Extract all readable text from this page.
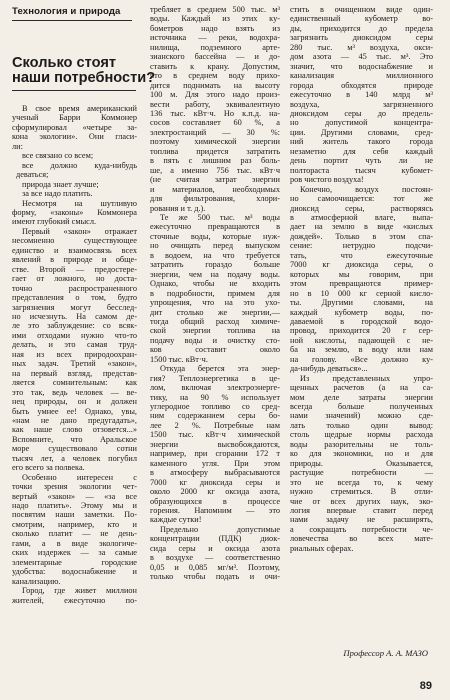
Технология и природа
Сколько стоят
наши потребности?
В свое время американский
ученый Барри Коммонер
сформулировал «четыре за-
кона экологии». Они гласи-
ли:
все связано со всем;
все должно куда-нибудь
деваться;
природа знает лучше;
за все надо платить.
Несмотря на шутливую
форму, «законы» Коммонера
имеют глубокий смысл.
Первый «закон» отражает
несомненно существующее
единство и взаимосвязь всех
явлений в природе и обще-
стве. Второй — предостере-
гает от ложного, но доста-
точно распространенного
представления о том, будто
загрязнения могут бесслед-
но исчезнуть. На самом де-
ле это заблуждение: со всяк-
ими отходами нужно что-то
делать, и это самая труд-
ная из всех природоохран-
ных задач. Третий «закон»,
на первый взгляд, представ-
ляется сомнительным: как
это так, ведь человек — ве-
нец природы, он и должен
быть умнее ее! Однако, увы,
«нам не дано предугадать»,
как наше слово отзовется...»
Вспомните, что Аральское
море существовало сотни
тысяч лет, а человек погубил
его всего за полвека.
Особенно интересен с
точки зрения экологии чет-
вертый «закон» — «за все
надо платить». Этому мы и
посвятим наши заметки. По-
смотрим, например, кто и
сколько платит — не день-
гами, а в виде экологиче-
ских издержек — за самые
элементарные городские
удобства: водоснабжение и
канализацию.
Город, где живет миллион
жителей, ежесуточно по-
требляет в среднем 500 тыс. м³
воды. Каждый из этих ку-
бометров надо взять из
источника — реки, водохра-
нилища, подземного арте-
зианского бассейна — и до-
ставить к крану. Допустим,
что в среднем воду прихо-
дится поднимать на высоту
100 м. Для этого надо произ-
вести работу, эквивалентную
136 тыс. кВт·ч. Но к.п.д. на-
сосов составляет 60 %, а
электростанций — 30 %:
поэтому химической энергии
топлива придется затратить
в пять с лишним раз боль-
ше, а именно 756 тыс. кВт·ч
(не считая затрат энергии
и материалов, необходимых
для фильтрования, хлори-
рования и т. д.).
Те же 500 тыс. м³ воды
ежесуточно превращаются в
сточные воды, которые нуж-
но очищать перед выпуском
в водоем, на что требуется
затратить гораздо больше
энергии, чем на подачу воды.
Однако, чтобы не входить
в подробности, примем для
упрощения, что на это ухо-
дит столько же энергии,—
тогда общий расход химиче-
ской энергии топлива на
подачу воды и очистку сто-
ков составит около
1500 тыс. кВт·ч.
Откуда берется эта энер-
гия? Теплоэнергетика в це-
лом, включая электроэнерге-
тику, на 90 % использует
углеродное топливо со сред-
ним содержанием серы бо-
лее 2 %. Потребные нам
1500 тыс. кВт·ч химической
энергии высвобождаются,
например, при сгорании 172 т
каменного угля. При этом
в атмосферу выбрасываются
7000 кг диоксида серы и
около 2000 кг оксида азота,
образующихся в процессе
горения. Напомним — это
каждые сутки!
Предельно допустимые
концентрации (ПДК) диок-
сида серы и оксида азота
в воздухе — соответственно
0,05 и 0,085 мг/м³. Поэтому,
только чтобы подать и очи-
стить в очищенном виде один-
единственный кубометр во-
ды, приходится до предела
загрязнить диоксидом серы
280 тыс. м³ воздуха, окси-
дом азота — 45 тыс. м³. Это
значит, что водоснабжение и
канализация миллионного
города обходятся природе
ежесуточно в 140 млрд м³
воздуха, загрязненного
диоксидом серы до предель-
но допустимой концентра-
ции. Другими словами, сред-
ний житель такого города
незаметно для себя каждый
день портит чуть ли не
полтораста тысяч кубомет-
ров чистого воздуха!
Конечно, воздух постоян-
но самоочищается: тот же
диоксид серы, растворяясь
в атмосферной влаге, выпа-
дает на землю в виде «кислых
дождей». Только в этом спа-
сение: нетрудно подсчи-
тать, что ежесуточные
7000 кг диоксида серы, о
которых мы говорим, при
этом превращаются пример-
но в 10 000 кг серной кисло-
ты. Другими словами, на
каждый кубометр воды, по-
даваемой в городской водо-
провод, приходится 20 г сер-
ной кислоты, падающей с не-
ба на землю, в воду или нам
на голову. «Все должно ку-
да-нибудь деваться»...
Из представленных упро-
щенных расчетов (а на са-
мом деле затраты энергии
всегда больше полученных
нами значений) можно сде-
лать только один вывод:
столь щедрые нормы расхода
воды разорительны не толь-
ко для экономики, но и для
природы. Оказывается,
растущие потребности —
это не всегда то, к чему
нужно стремиться. В отли-
чие от всех других наук, эко-
логия впервые ставит перед
нами задачу не расширять,
а сокращать потребности че-
ловечества во всех мате-
риальных сферах.
Профессор А. А. МАЗО
89
